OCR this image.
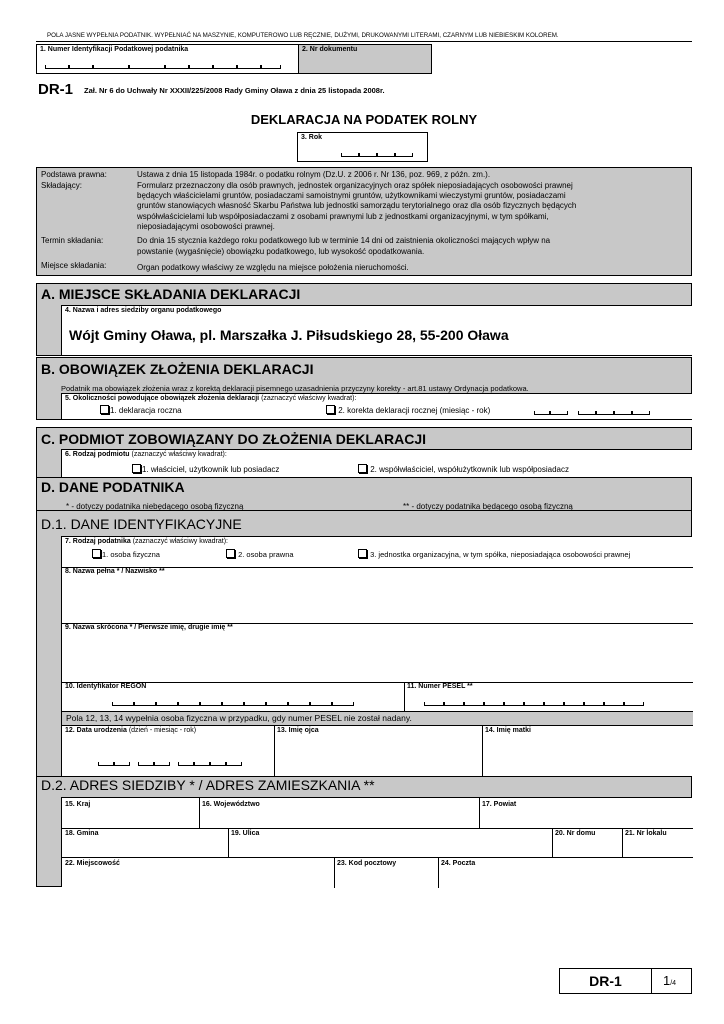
POLA JASNE WYPEŁNIA PODATNIK. WYPEŁNIAĆ NA MASZYNIE, KOMPUTEROWO LUB RĘCZNIE, DUŻYMI, DRUKOWANYMI LITERAMI, CZARNYM LUB NIEBIESKIM KOLOREM.
1. Numer Identyfikacji Podatkowej podatnika	2. Nr dokumentu
DR-1 Zał. Nr 6 do Uchwały Nr XXXII/225/2008 Rady Gminy Oława z dnia 25 listopada 2008r.
DEKLARACJA NA PODATEK ROLNY
3. Rok
Podstawa prawna:	Ustawa z dnia 15 listopada 1984r. o podatku rolnym (Dz.U. z 2006 r. Nr 136, poz. 969, z późn. zm.).
Składający:	Formularz przeznaczony dla osób prawnych, jednostek organizacyjnych oraz spółek nieposiadających osobowości prawnej
będących właścicielami gruntów, posiadaczami samoistnymi gruntów, użytkownikami wieczystymi gruntów, posiadaczami
gruntów stanowiących własność Skarbu Państwa lub jednostki samorządu terytorialnego oraz dla osób fizycznych będących
współwłaścicielami lub współposiadaczami z osobami prawnymi lub z jednostkami organizacyjnymi, w tym spółkami,
nieposiadającymi osobowości prawnej.
Termin składania:	Do dnia 15 stycznia każdego roku podatkowego lub w terminie 14 dni od zaistnienia okoliczności mających wpływ na
powstanie (wygaśnięcie) obowiązku podatkowego, lub wysokość opodatkowania.
Miejsce składania:	Organ podatkowy właściwy ze względu na miejsce położenia nieruchomości.
A. MIEJSCE SKŁADANIA DEKLARACJI
4. Nazwa i adres siedziby organu podatkowego
Wójt Gminy Oława, pl. Marszałka J. Piłsudskiego 28, 55-200 Oława
B. OBOWIĄZEK ZŁOŻENIA DEKLARACJI
Podatnik ma obowiązek złożenia wraz z korektą deklaracji pisemnego uzasadnienia przyczyny korekty - art.81 ustawy Ordynacja podatkowa.
5. Okoliczności powodujące obowiązek złożenia deklaracji (zaznaczyć właściwy kwadrat):
1. deklaracja roczna	2. korekta deklaracji rocznej (miesiąc - rok)
C. PODMIOT ZOBOWIĄZANY DO ZŁOŻENIA DEKLARACJI
6. Rodzaj podmiotu (zaznaczyć właściwy kwadrat):
1. właściciel, użytkownik lub posiadacz	2. współwłaściciel, współużytkownik lub współposiadacz
D. DANE PODATNIKA
* - dotyczy podatnika niebędącego osobą fizyczną	** - dotyczy podatnika będącego osobą fizyczną
D.1. DANE IDENTYFIKACYJNE
7. Rodzaj podatnika (zaznaczyć właściwy kwadrat):
1. osoba fizyczna	2. osoba prawna	3. jednostka organizacyjna, w tym spółka, nieposiadająca osobowości prawnej
8. Nazwa pełna * / Nazwisko **
9. Nazwa skrócona * / Pierwsze imię, drugie imię **
10. Identyfikator REGON	11. Numer PESEL **
Pola 12, 13, 14 wypełnia osoba fizyczna w przypadku, gdy numer PESEL nie został nadany.
12. Data urodzenia (dzień - miesiąc - rok)	13. Imię ojca	14. Imię matki
D.2. ADRES SIEDZIBY * / ADRES ZAMIESZKANIA **
15. Kraj	16. Województwo	17. Powiat
18. Gmina	19. Ulica	20. Nr domu	21. Nr lokalu
22. Miejscowość	23. Kod pocztowy	24. Poczta
DR-1	1/4
